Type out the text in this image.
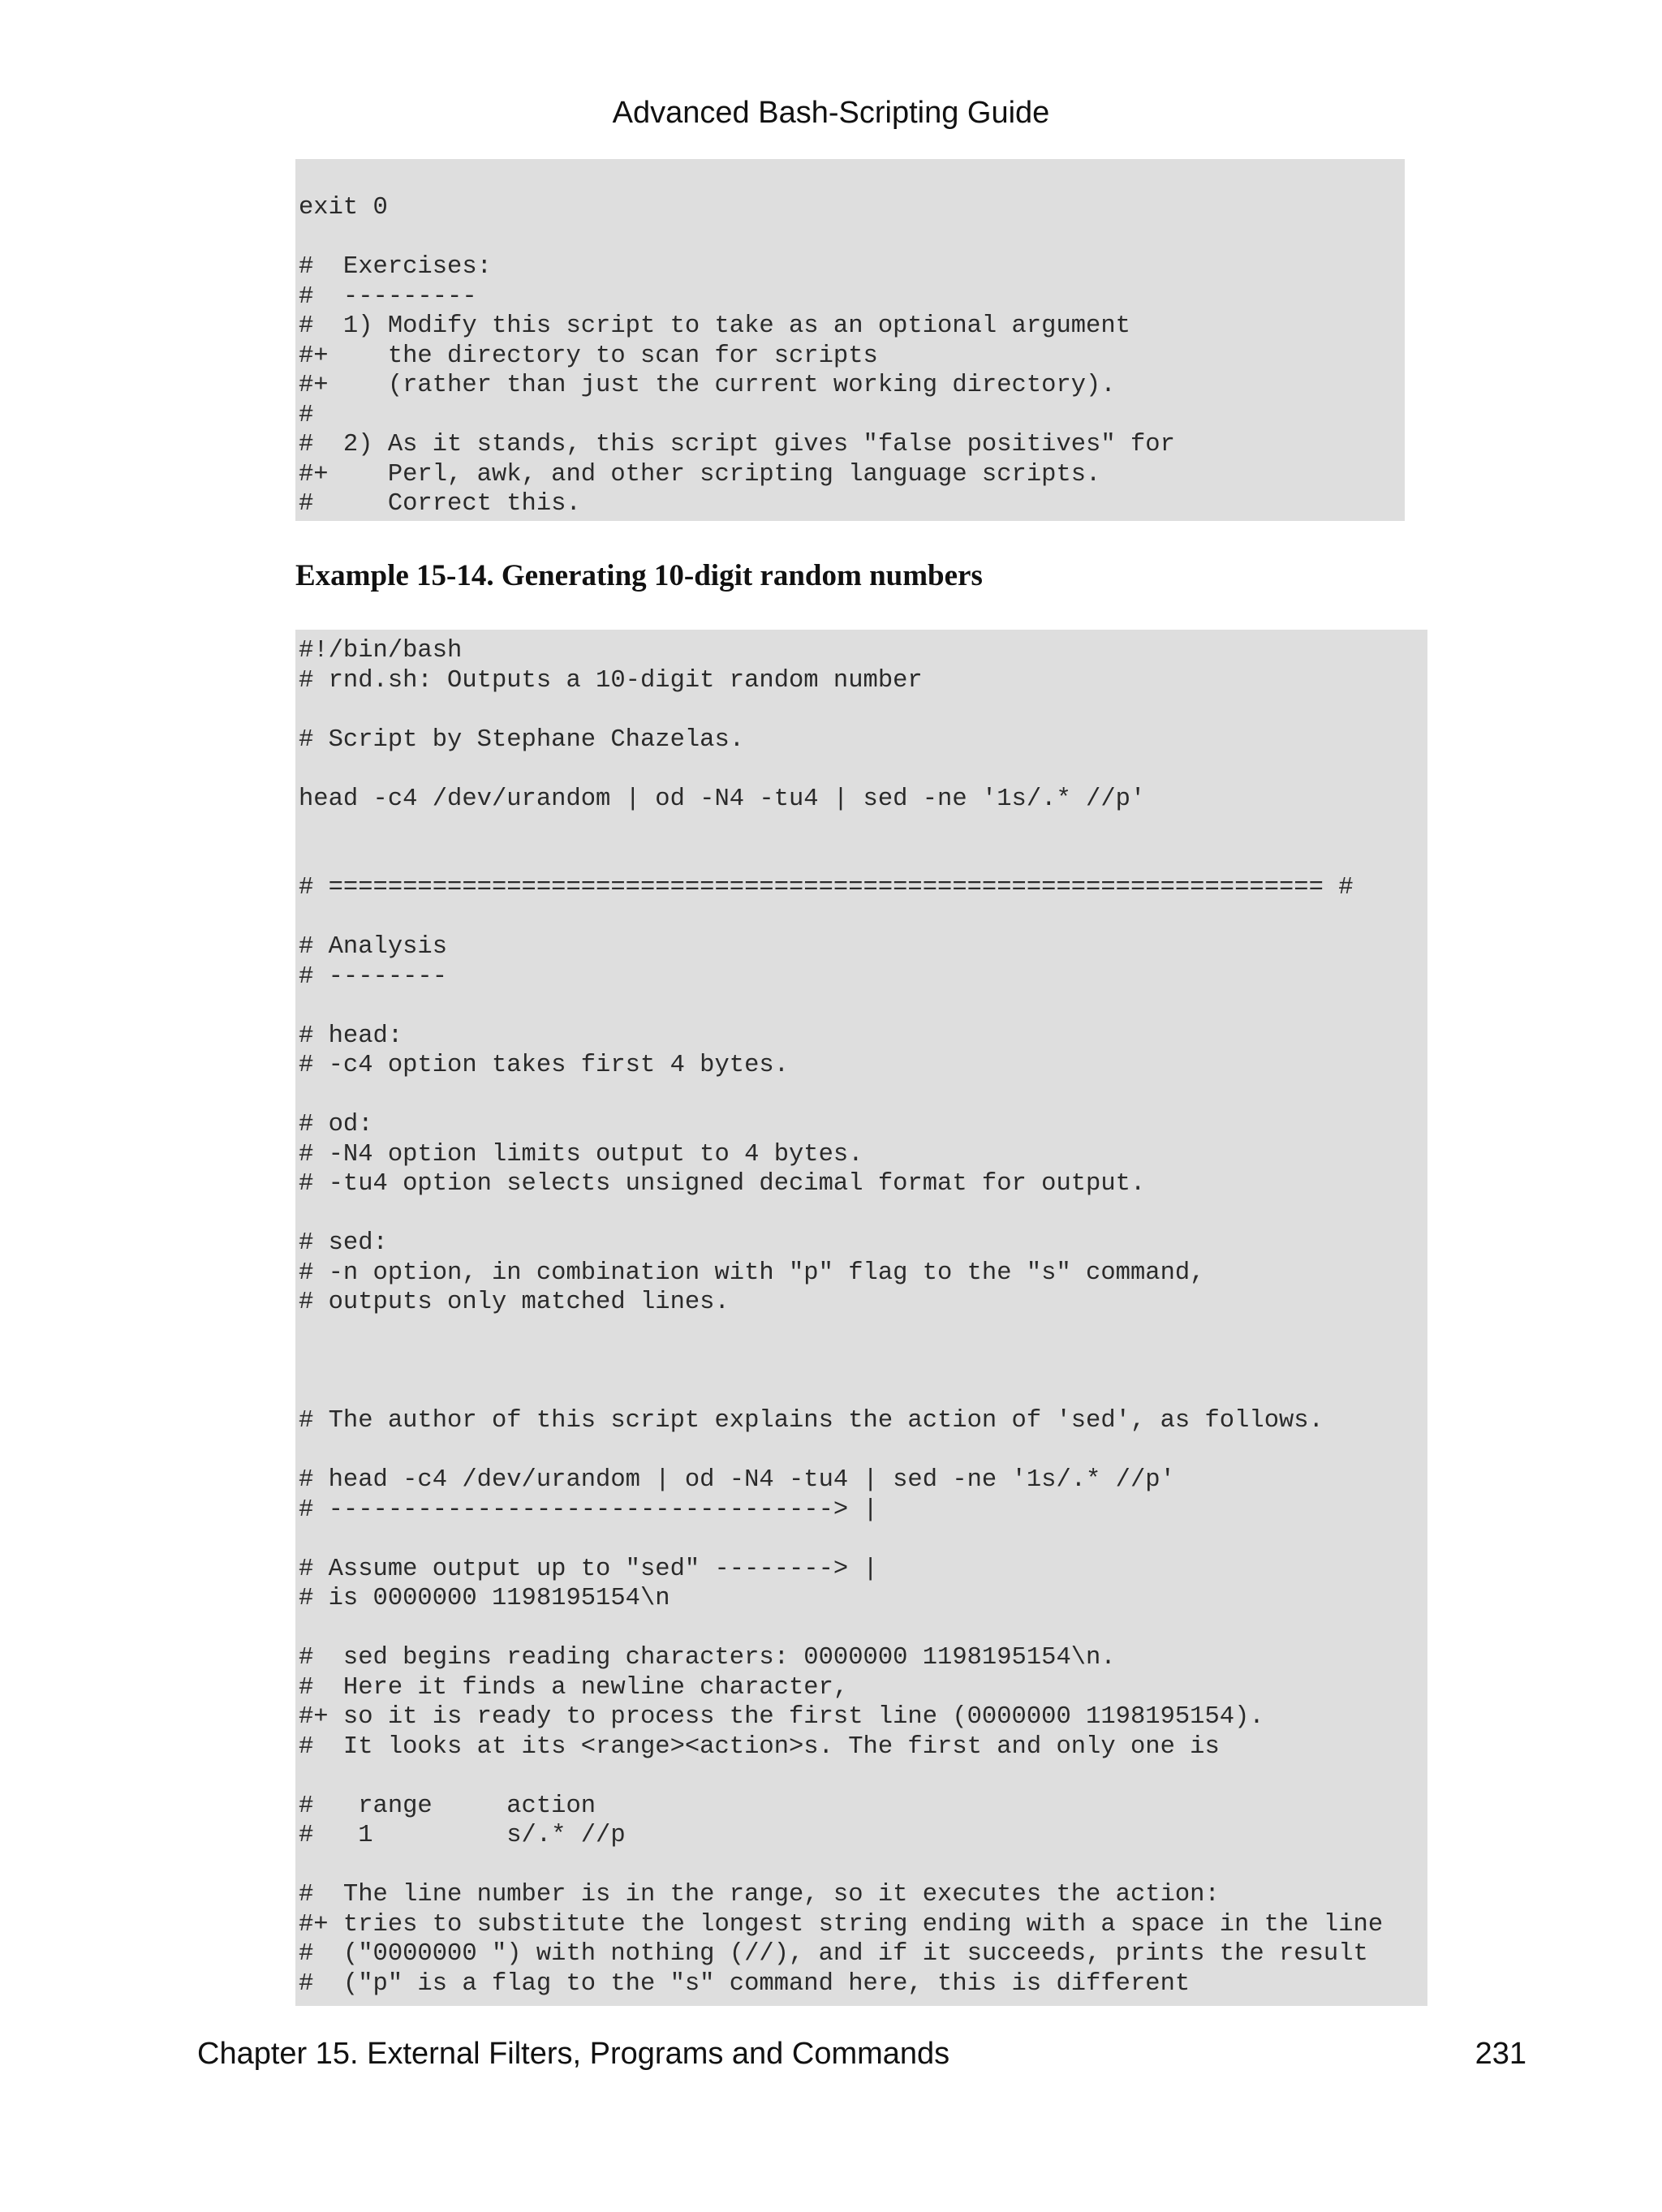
Advanced Bash-Scripting Guide
exit 0

#  Exercises:
#  ---------
#  1) Modify this script to take as an optional argument
#+    the directory to scan for scripts
#+    (rather than just the current working directory).
#
#  2) As it stands, this script gives "false positives" for
#+    Perl, awk, and other scripting language scripts.
#     Correct this.
Example 15-14. Generating 10-digit random numbers
#!/bin/bash
# rnd.sh: Outputs a 10-digit random number

# Script by Stephane Chazelas.

head -c4 /dev/urandom | od -N4 -tu4 | sed -ne '1s/.* //p'

# =================================================================== #

# Analysis
# --------

# head:
# -c4 option takes first 4 bytes.

# od:
# -N4 option limits output to 4 bytes.
# -tu4 option selects unsigned decimal format for output.

# sed:
# -n option, in combination with "p" flag to the "s" command,
# outputs only matched lines.

# The author of this script explains the action of 'sed', as follows.

# head -c4 /dev/urandom | od -N4 -tu4 | sed -ne '1s/.* //p'
# ----------------------------------> |

# Assume output up to "sed" --------> |
# is 0000000 1198195154\n

#  sed begins reading characters: 0000000 1198195154\n.
#  Here it finds a newline character,
#+ so it is ready to process the first line (0000000 1198195154).
#  It looks at its <range><action>s. The first and only one is

#   range     action
#   1         s/.* //p

#  The line number is in the range, so it executes the action:
#+ tries to substitute the longest string ending with a space in the line
#  ("0000000 ") with nothing (//), and if it succeeds, prints the result
#  ("p" is a flag to the "s" command here, this is different
Chapter 15. External Filters, Programs and Commands	231
